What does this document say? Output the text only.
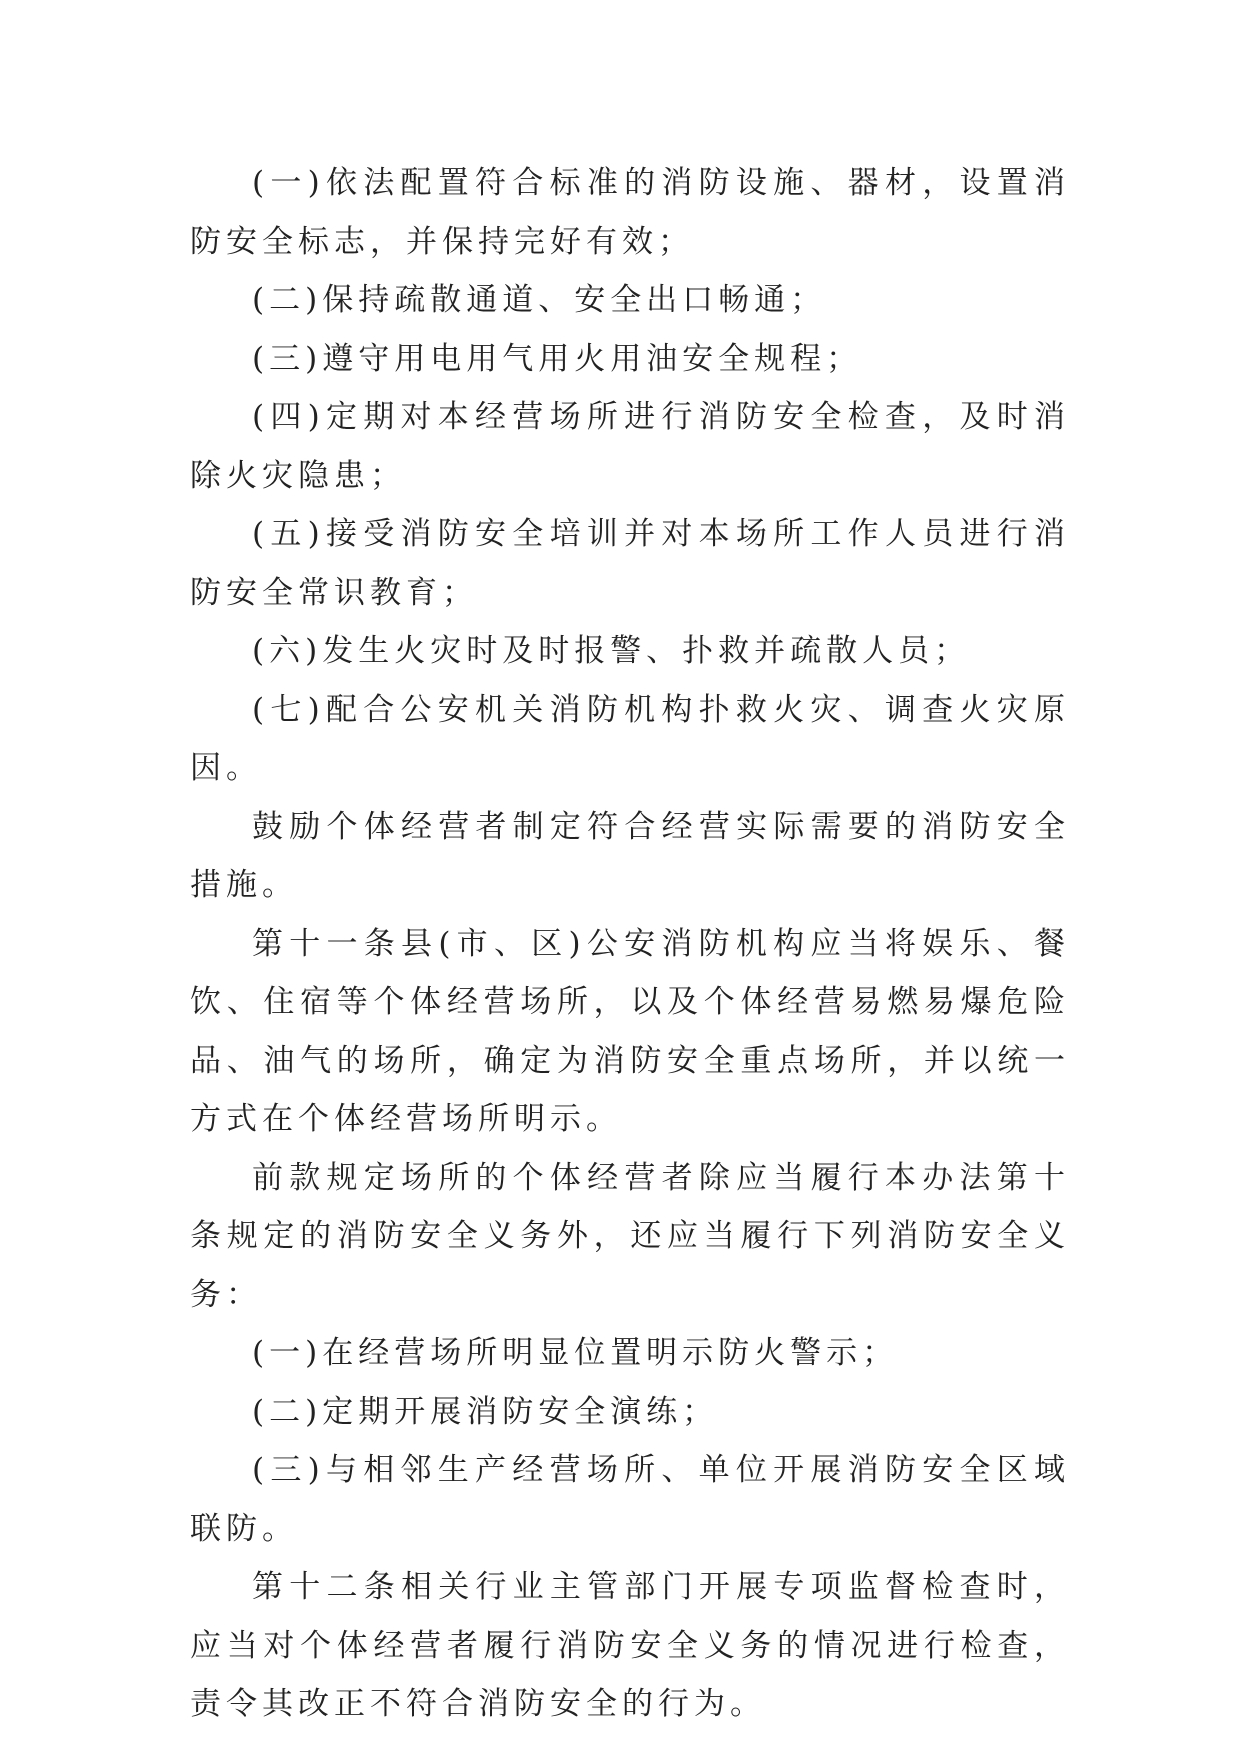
(一)依法配置符合标准的消防设施、器材，设置消防安全标志，并保持完好有效；

(二)保持疏散通道、安全出口畅通；

(三)遵守用电用气用火用油安全规程；

(四)定期对本经营场所进行消防安全检查，及时消除火灾隐患；

(五)接受消防安全培训并对本场所工作人员进行消防安全常识教育；

(六)发生火灾时及时报警、扑救并疏散人员；

(七)配合公安机关消防机构扑救火灾、调查火灾原因。

鼓励个体经营者制定符合经营实际需要的消防安全措施。

第十一条县(市、区)公安消防机构应当将娱乐、餐饮、住宿等个体经营场所，以及个体经营易燃易爆危险品、油气的场所，确定为消防安全重点场所，并以统一方式在个体经营场所明示。

前款规定场所的个体经营者除应当履行本办法第十条规定的消防安全义务外，还应当履行下列消防安全义务：

(一)在经营场所明显位置明示防火警示；

(二)定期开展消防安全演练；

(三)与相邻生产经营场所、单位开展消防安全区域联防。

第十二条相关行业主管部门开展专项监督检查时，应当对个体经营者履行消防安全义务的情况进行检查，责令其改正不符合消防安全的行为。
